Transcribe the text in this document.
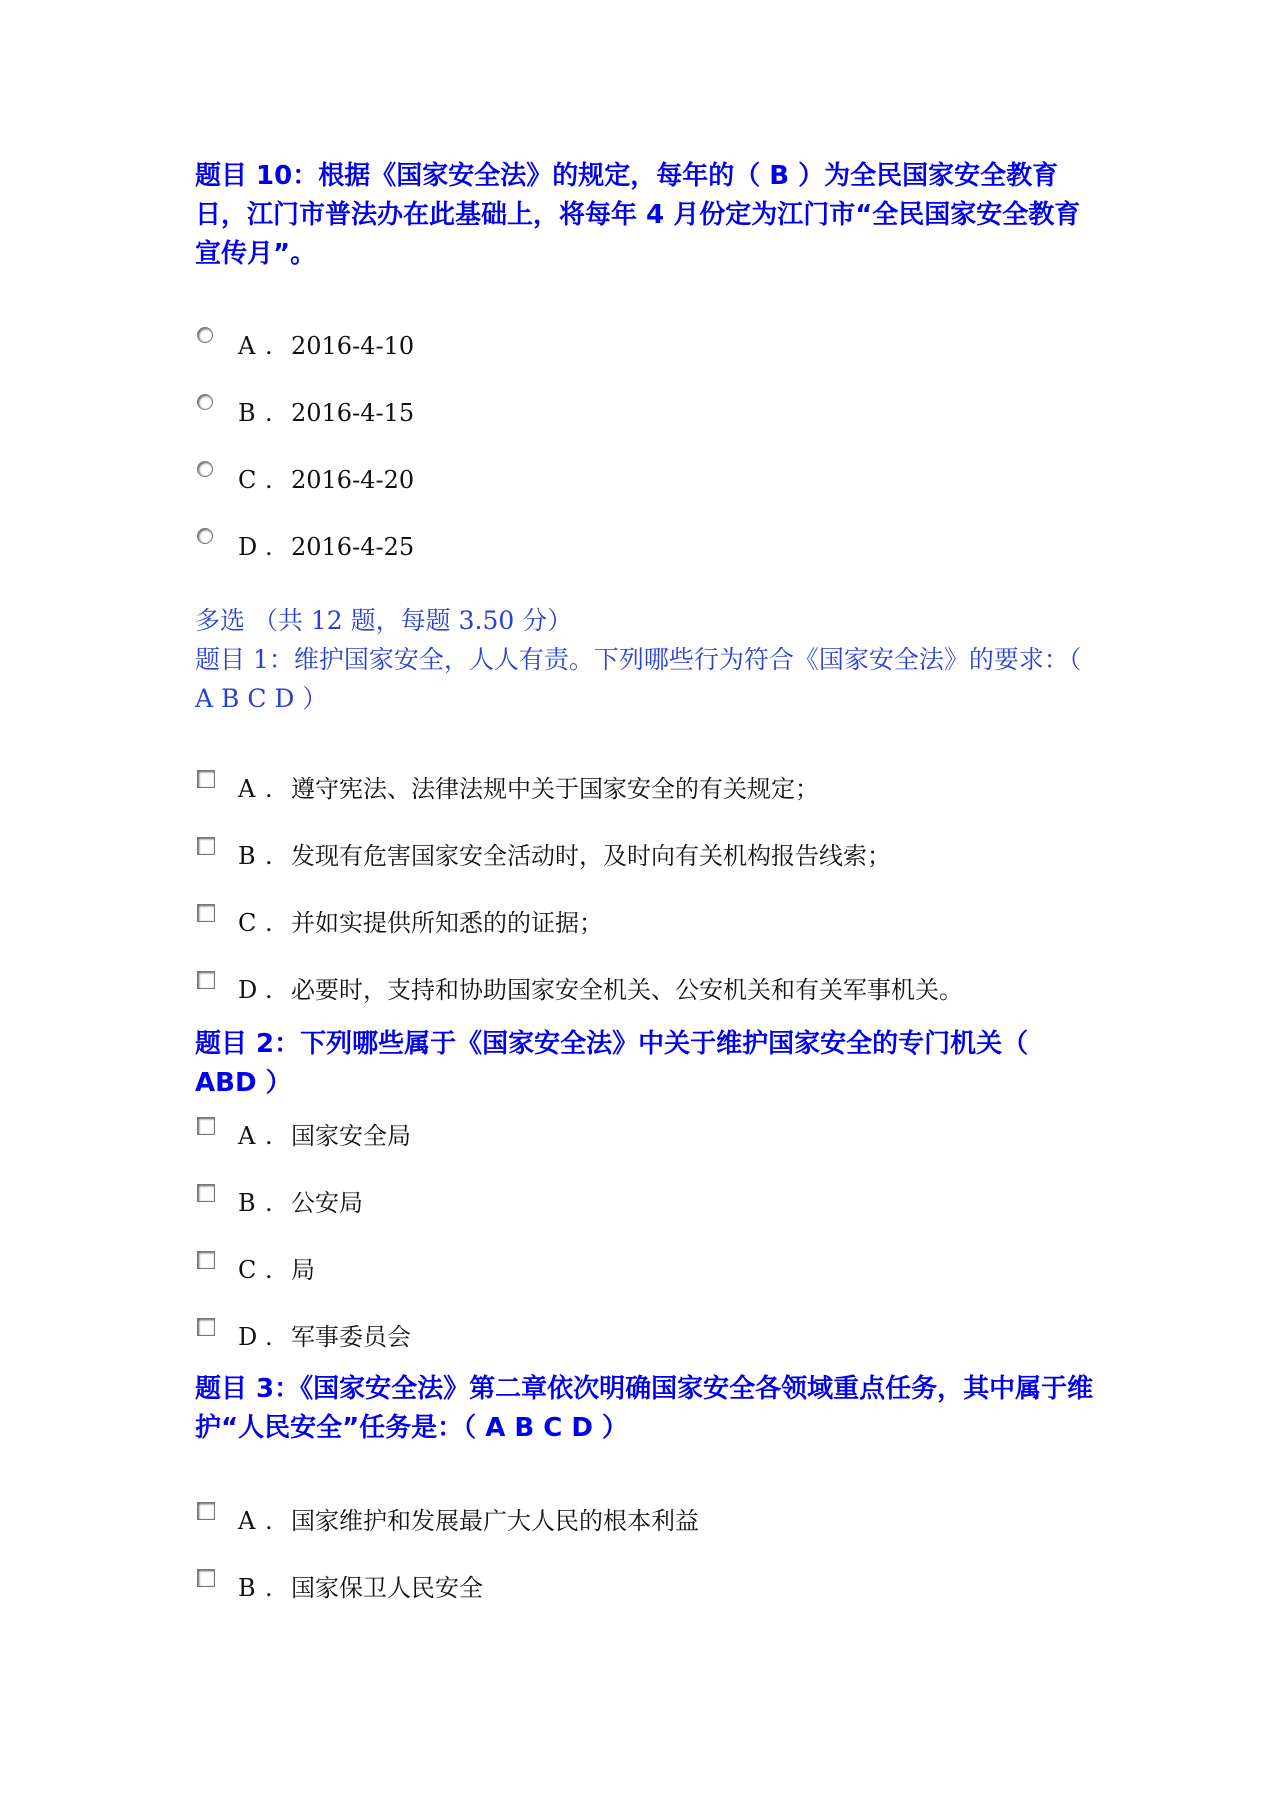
题目 10：根据《国家安全法》的规定，每年的（ B ）为全民国家安全教育日，江门市普法办在此基础上，将每年 4 月份定为江门市“全民国家安全教育宣传月”。

A . 2016-4-10
B . 2016-4-15
C . 2016-4-20
D . 2016-4-25
多选 （共 12 题，每题 3.50 分）

题目 1：维护国家安全，人人有责。下列哪些行为符合《国家安全法》的要求：（ A B C D ）

A . 遵守宪法、法律法规中关于国家安全的有关规定；
B . 发现有危害国家安全活动时，及时向有关机构报告线索；
C . 并如实提供所知悉的的证据；
D . 必要时，支持和协助国家安全机关、公安机关和有关军事机关。

题目 2：下列哪些属于《国家安全法》中关于维护国家安全的专门机关（ ABD ）

A . 国家安全局
B . 公安局
C . 局
D . 军事委员会

题目 3：《国家安全法》第二章依次明确国家安全各领域重点任务，其中属于维护“人民安全”任务是：（ A B C D ）

A . 国家维护和发展最广大人民的根本利益
B . 国家保卫人民安全
